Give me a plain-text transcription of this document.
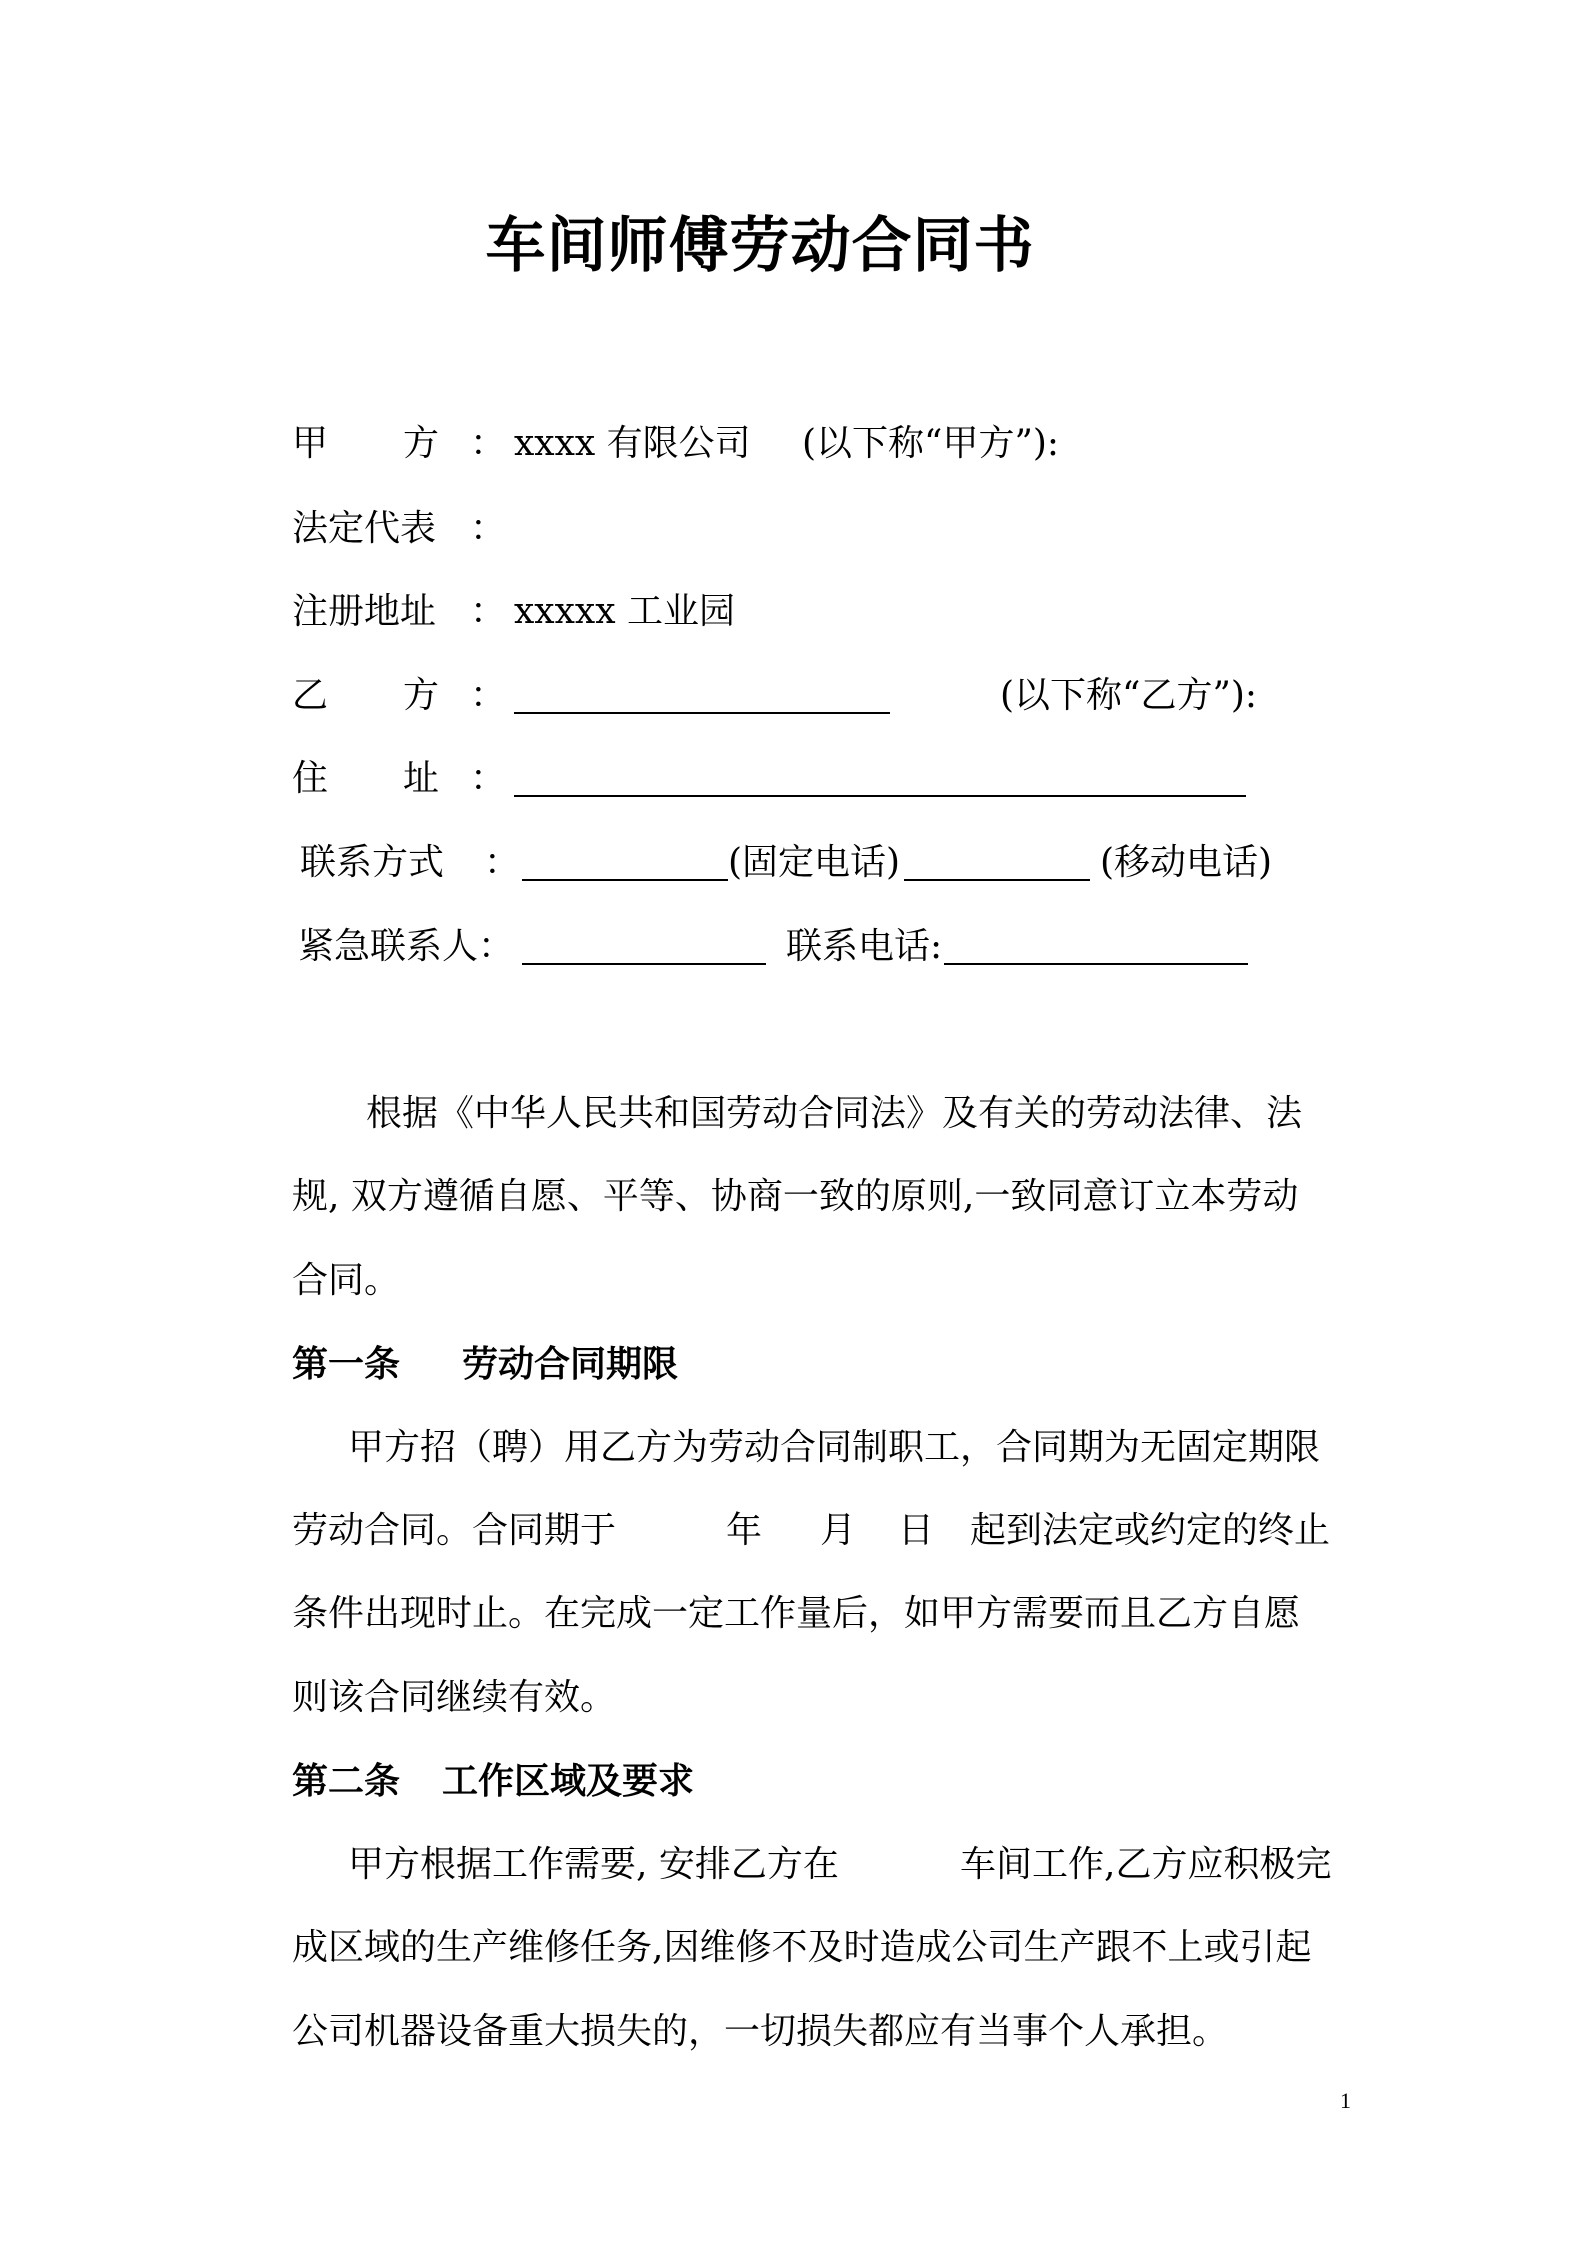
车间师傅劳动合同书
甲 方 ： xxxx 有限公司 (以下称“甲方”):
法定代表 ：
注册地址 ： xxxxx 工业园
乙 方 ：	(以下称“乙方”):
住 址 ：
联系方式 ：	(固定电话)	(移动电话)
紧急联系人：	联系电话:
根据《中华人民共和国劳动合同法》及有关的劳动法律、法
规, 双方遵循自愿、平等、协商一致的原则,一致同意订立本劳动
合同。
第一条 劳动合同期限
甲方招（聘）用乙方为劳动合同制职工，合同期为无固定期限
劳动合同。合同期于	年 月 日 起到法定或约定的终止
条件出现时止。在完成一定工作量后，如甲方需要而且乙方自愿
则该合同继续有效。
第二条 工作区域及要求
甲方根据工作需要, 安排乙方在	车间工作,乙方应积极完
成区域的生产维修任务,因维修不及时造成公司生产跟不上或引起
公司机器设备重大损失的，一切损失都应有当事个人承担。
1
